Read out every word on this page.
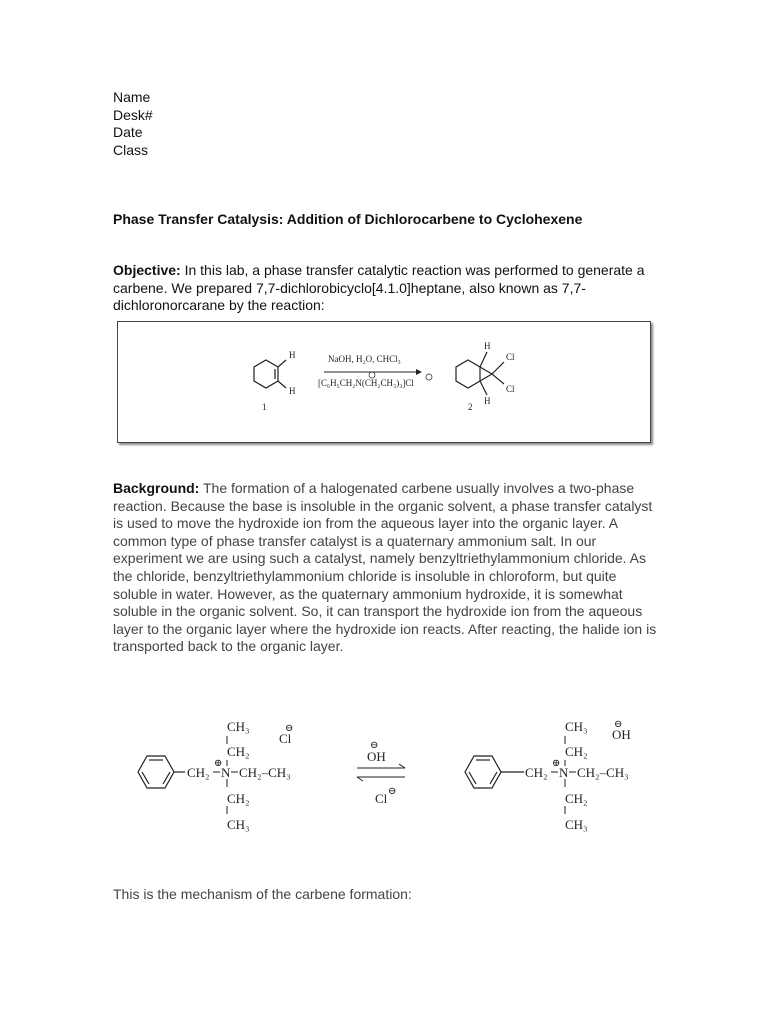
Name
Desk#
Date
Class
Phase Transfer Catalysis: Addition of Dichlorocarbene to Cyclohexene
Objective: In this lab, a phase transfer catalytic reaction was performed to generate a carbene. We prepared 7,7-dichlorobicyclo[4.1.0]heptane, also known as 7,7-dichloronorcarane by the reaction:
H
H
1
NaOH, H₂O, CHCl₃
[C₆H₅CH₂N(CH₂CH₃)₃]Cl
H
H
Cl
Cl
2
Background: The formation of a halogenated carbene usually involves a two-phase reaction. Because the base is insoluble in the organic solvent, a phase transfer catalyst is used to move the hydroxide ion from the aqueous layer into the organic layer. A common type of phase transfer catalyst is a quaternary ammonium salt. In our experiment we are using such a catalyst, namely benzyltriethylammonium chloride. As the chloride, benzyltriethylammonium chloride is insoluble in chloroform, but quite soluble in water. However, as the quaternary ammonium hydroxide, it is somewhat soluble in the organic solvent. So, it can transport the hydroxide ion from the aqueous layer to the organic layer where the hydroxide ion reacts. After reacting, the halide ion is transported back to the organic layer.
CH₂ N
⊕
CH₂–CH₃
CH₂
CH₃
CH₂
CH₃
Cl
⊖
OH
⊖
Cl ⊖
CH₂ N
⊕
CH₂–CH₃
CH₂
CH₃
CH₂
CH₃
OH
⊖
This is the mechanism of the carbene formation:
